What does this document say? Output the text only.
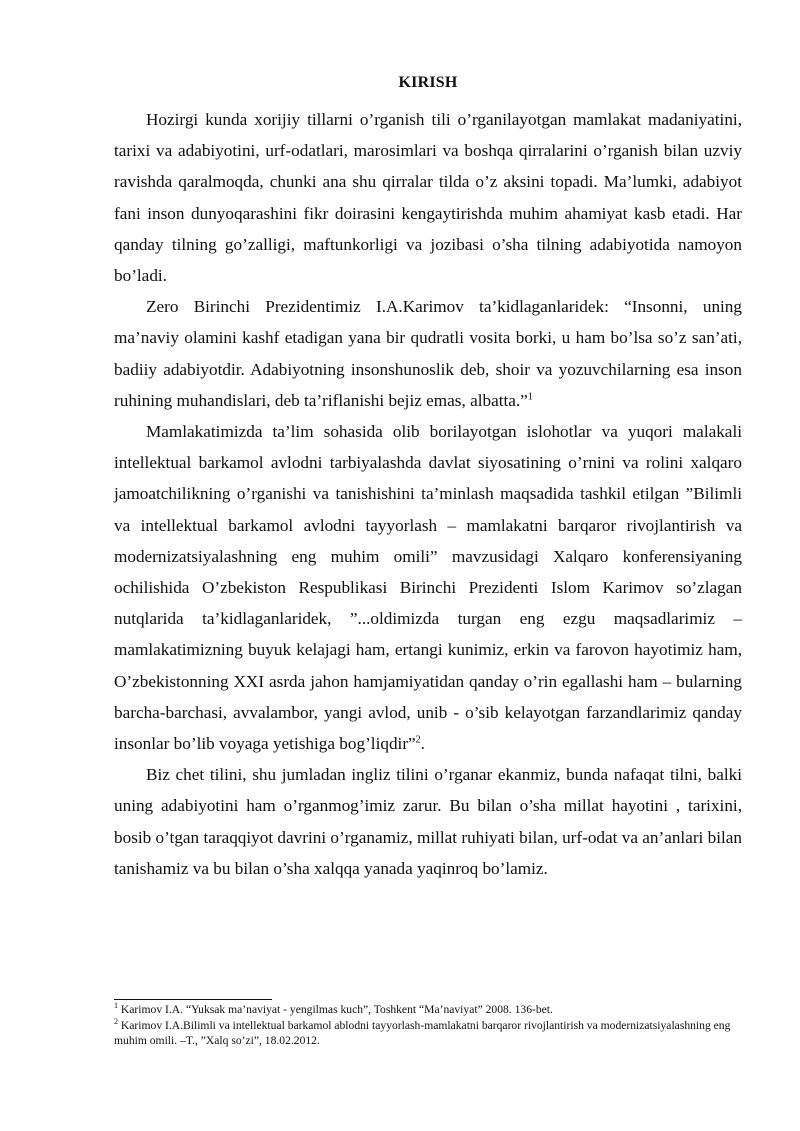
KIRISH

Hozirgi kunda xorijiy tillarni o’rganish tili o’rganilayotgan mamlakat madaniyatini, tarixi va adabiyotini, urf-odatlari, marosimlari va boshqa qirralarini o’rganish bilan uzviy ravishda qaralmoqda, chunki ana shu qirralar tilda o’z aksini topadi. Ma’lumki, adabiyot fani inson dunyoqarashini fikr doirasini kengaytirishda muhim ahamiyat kasb etadi. Har qanday tilning go’zalligi, maftunkorligi va jozibasi o’sha tilning adabiyotida namoyon bo’ladi.

Zero Birinchi Prezidentimiz I.A.Karimov ta’kidlaganlaridek: “Insonni, uning ma’naviy olamini kashf etadigan yana bir qudratli vosita borki, u ham bo’lsa so’z san’ati, badiiy adabiyotdir. Adabiyotning insonshunoslik deb, shoir va yozuvchilarning esa inson ruhining muhandislari, deb ta’riflanishi bejiz emas, albatta.”$^1$

Mamlakatimizda ta’lim sohasida olib borilayotgan islohotlar va yuqori malakali intellektual barkamol avlodni tarbiyalashda davlat siyosatining o’rnini va rolini xalqaro jamoatchilikning o’rganishi va tanishishini ta’minlash maqsadida tashkil etilgan ”Bilimli va intellektual barkamol avlodni tayyorlash – mamlakatni barqaror rivojlantirish va modernizatsiyalashning eng muhim omili” mavzusidagi Xalqaro konferensiyaning ochilishida O’zbekiston Respublikasi Birinchi Prezidenti Islom Karimov so’zlagan nutqlarida ta’kidlaganlaridek, ”...oldimizda turgan eng ezgu maqsadlarimiz – mamlakatimizning buyuk kelajagi ham, ertangi kunimiz, erkin va farovon hayotimiz ham, O’zbekistonning XXI asrda jahon hamjamiyatidan qanday o’rin egallashi ham – bularning barcha-barchasi, avvalambor, yangi avlod, unib - o’sib kelayotgan farzandlarimiz qanday insonlar bo’lib voyaga yetishiga bog’liqdir”$^2$.

Biz chet tilini, shu jumladan ingliz tilini o’rganar ekanmiz, bunda nafaqat tilni, balki uning adabiyotini ham o’rganmog’imiz zarur. Bu bilan o’sha millat hayotini , tarixini, bosib o’tgan taraqqiyot davrini o’rganamiz, millat ruhiyati bilan, urf-odat va an’anlari bilan tanishamiz va bu bilan o’sha xalqqa yanada yaqinroq bo’lamiz.

$^1$ Karimov I.A. “Yuksak ma’naviyat - yengilmas kuch”, Toshkent “Ma’naviyat” 2008. 136-bet.

$^2$ Karimov I.A.Bilimli va intellektual barkamol ablodni tayyorlash-mamlakatni barqaror rivojlantirish va modernizatsiyalashning eng muhim omili. –T., ”Xalq so’zi”, 18.02.2012.
